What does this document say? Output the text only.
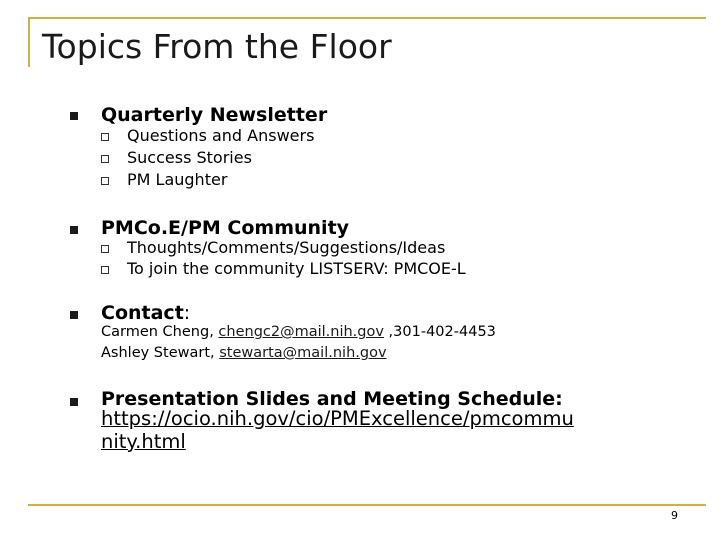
Topics From the Floor
Quarterly Newsletter
Questions and Answers
Success Stories
PM Laughter
PMCo.E/PM Community
Thoughts/Comments/Suggestions/Ideas
To join the community LISTSERV: PMCOE-L
Contact:
Carmen Cheng, chengc2@mail.nih.gov ,301-402-4453
Ashley Stewart, stewarta@mail.nih.gov
Presentation Slides and Meeting Schedule:
https://ocio.nih.gov/cio/PMExcellence/pmcommu
nity.html
9
